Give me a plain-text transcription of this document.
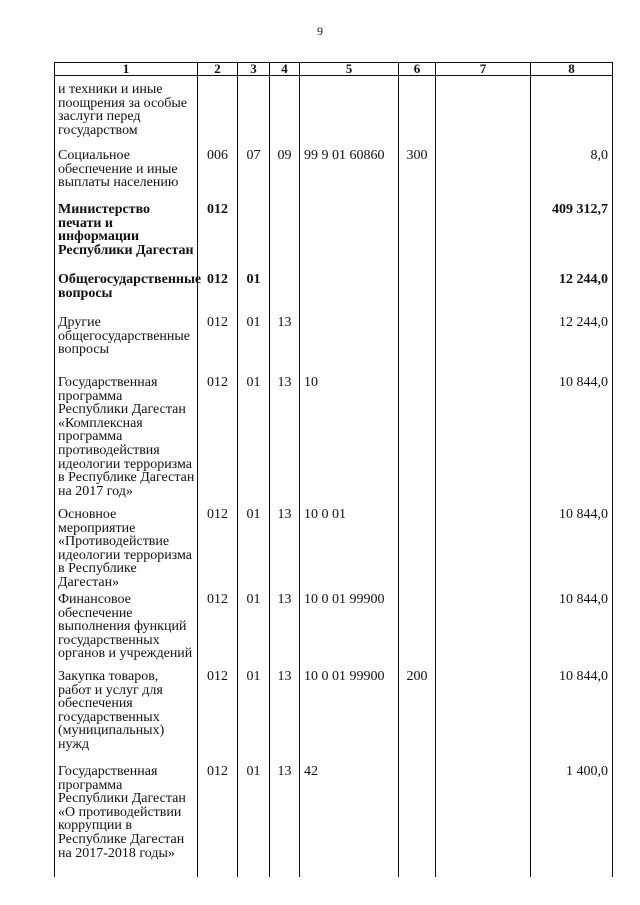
9
1	2	3	4	5	6	7	8
и техники и иные поощрения за особые заслуги перед государством							
Социальное обеспечение и иные выплаты населению	006	07	09	99 9 01 60860	300		8,0
Министерство печати и информации Республики Дагестан	012						409 312,7
Общегосударственные вопросы	012	01					12 244,0
Другие общегосударственные вопросы	012	01	13				12 244,0
Государственная программа Республики Дагестан «Комплексная программа противодействия идеологии терроризма в Республике Дагестан на 2017 год»	012	01	13	10			10 844,0
Основное мероприятие «Противодействие идеологии терроризма в Республике Дагестан»	012	01	13	10 0 01			10 844,0
Финансовое обеспечение выполнения функций государственных органов и учреждений	012	01	13	10 0 01 99900			10 844,0
Закупка товаров, работ и услуг для обеспечения государственных (муниципальных) нужд	012	01	13	10 0 01 99900	200		10 844,0
Государственная программа Республики Дагестан «О противодействии коррупции в Республике Дагестан на 2017-2018 годы»	012	01	13	42			1 400,0
